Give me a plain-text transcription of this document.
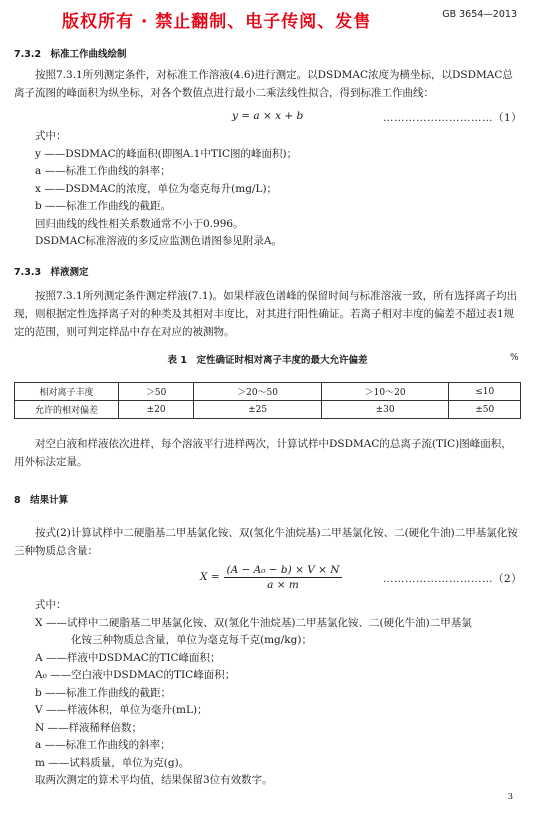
版权所有 · 禁止翻制、电子传阅、发售	GB 3654—2013
7.3.2　标准工作曲线绘制

按照7.3.1所列测定条件，对标准工作溶液(4.6)进行测定。以DSDMAC浓度为横坐标，以DSDMAC总离子流图的峰面积为纵坐标，对各个数值点进行最小二乘法线性拟合，得到标准工作曲线：

y = a × x + b	…………………………（1）

式中：

y ——DSDMAC的峰面积(即图A.1中TIC图的峰面积)；

a ——标准工作曲线的斜率；

x ——DSDMAC的浓度，单位为毫克每升(mg/L)；

b ——标准工作曲线的截距。

回归曲线的线性相关系数通常不小于0.996。

DSDMAC标准溶液的多反应监测色谱图参见附录A。

7.3.3　样液测定

按照7.3.1所列测定条件测定样液(7.1)。如果样液色谱峰的保留时间与标准溶液一致，所有选择离子均出现，则根据定性选择离子对的种类及其相对丰度比，对其进行阳性确证。若离子相对丰度的偏差不超过表1规定的范围，则可判定样品中存在对应的被测物。

表 1　定性确证时相对离子丰度的最大允许偏差	%
相对离子丰度	＞50	＞20～50	＞10～20	≤10
允许的相对偏差	±20	±25	±30	±50

对空白液和样液依次进样，每个溶液平行进样两次，计算试样中DSDMAC的总离子流(TIC)图峰面积，用外标法定量。

8　结果计算

按式(2)计算试样中二硬脂基二甲基氯化铵、双(氢化牛油烷基)二甲基氯化铵、二(硬化牛油)二甲基氯化铵三种物质总含量：

X =
(A − A₀ − b) × V × N
a × m	…………………………（2）

式中：

X ——试样中二硬脂基二甲基氯化铵、双(氢化牛油烷基)二甲基氯化铵、二(硬化牛油)二甲基氯

化铵三种物质总含量，单位为毫克每千克(mg/kg)；

A ——样液中DSDMAC的TIC峰面积；

A₀ ——空白液中DSDMAC的TIC峰面积；

b ——标准工作曲线的截距；

V ——样液体积，单位为毫升(mL)；

N ——样液稀释倍数；

a ——标准工作曲线的斜率；

m ——试料质量，单位为克(g)。

取两次测定的算术平均值，结果保留3位有效数字。

3
